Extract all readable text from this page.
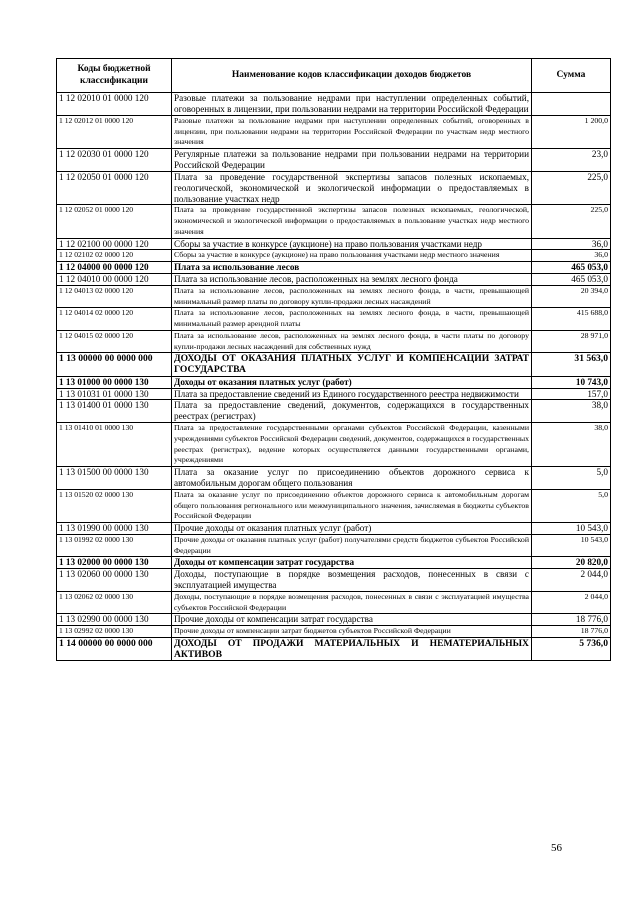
Коды бюджетной классификации	Наименование кодов классификации доходов бюджетов	Сумма
1 12 02010 01 0000 120	Разовые платежи за пользование недрами при наступлении определенных событий, оговоренных в лицензии, при пользовании недрами на территории Российской Федерации	
1 12 02012 01 0000 120	Разовые платежи за пользование недрами при наступлении определенных событий, оговоренных в лицензии, при пользовании недрами на территории Российской Федерации по участкам недр местного значения	1 200,0
1 12 02030 01 0000 120	Регулярные платежи за пользование недрами при пользовании недрами на территории Российской Федерации	23,0
1 12 02050 01 0000 120	Плата за проведение государственной экспертизы запасов полезных ископаемых, геологической, экономической и экологической информации о предоставляемых в пользование участках недр	225,0
1 12 02052 01 0000 120	Плата за проведение государственной экспертизы запасов полезных ископаемых, геологической, экономической и экологической информации о предоставляемых в пользование участках недр местного значения	225,0
1 12 02100 00 0000 120	Сборы за участие в конкурсе (аукционе) на право пользования участками недр	36,0
1 12 02102 02 0000 120	Сборы за участие в конкурсе (аукционе) на право пользования участками недр местного значения	36,0
1 12 04000 00 0000 120	Плата за использование лесов	465 053,0
1 12 04010 00 0000 120	Плата за использование лесов, расположенных на землях лесного фонда	465 053,0
1 12 04013 02 0000 120	Плата за использование лесов, расположенных на землях лесного фонда, в части, превышающей минимальный размер платы по договору купли-продажи лесных насаждений	20 394,0
1 12 04014 02 0000 120	Плата за использование лесов, расположенных на землях лесного фонда, в части, превышающей минимальный размер арендной платы	415 688,0
1 12 04015 02 0000 120	Плата за использование лесов, расположенных на землях лесного фонда, в части платы по договору купли-продажи лесных насаждений для собственных нужд	28 971,0
1 13 00000 00 0000 000	ДОХОДЫ ОТ ОКАЗАНИЯ ПЛАТНЫХ УСЛУГ И КОМПЕНСАЦИИ ЗАТРАТ ГОСУДАРСТВА	31 563,0
1 13 01000 00 0000 130	Доходы от оказания платных услуг (работ)	10 743,0
1 13 01031 01 0000 130	Плата за предоставление сведений из Единого государственного реестра недвижимости	157,0
1 13 01400 01 0000 130	Плата за предоставление сведений, документов, содержащихся в государственных реестрах (регистрах)	38,0
1 13 01410 01 0000 130	Плата за предоставление государственными органами субъектов Российской Федерации, казенными учреждениями субъектов Российской Федерации сведений, документов, содержащихся в государственных реестрах (регистрах), ведение которых осуществляется данными государственными органами, учреждениями	38,0
1 13 01500 00 0000 130	Плата за оказание услуг по присоединению объектов дорожного сервиса к автомобильным дорогам общего пользования	5,0
1 13 01520 02 0000 130	Плата за оказание услуг по присоединению объектов дорожного сервиса к автомобильным дорогам общего пользования регионального или межмуниципального значения, зачисляемая в бюджеты субъектов Российской Федерации	5,0
1 13 01990 00 0000 130	Прочие доходы от оказания платных услуг (работ)	10 543,0
1 13 01992 02 0000 130	Прочие доходы от оказания платных услуг (работ) получателями средств бюджетов субъектов Российской Федерации	10 543,0
1 13 02000 00 0000 130	Доходы от компенсации затрат государства	20 820,0
1 13 02060 00 0000 130	Доходы, поступающие в порядке возмещения расходов, понесенных в связи с эксплуатацией имущества	2 044,0
1 13 02062 02 0000 130	Доходы, поступающие в порядке возмещения расходов, понесенных в связи с эксплуатацией имущества субъектов Российской Федерации	2 044,0
1 13 02990 00 0000 130	Прочие доходы от компенсации затрат государства	18 776,0
1 13 02992 02 0000 130	Прочие доходы от компенсации затрат бюджетов субъектов Российской Федерации	18 776,0
1 14 00000 00 0000 000	ДОХОДЫ ОТ ПРОДАЖИ МАТЕРИАЛЬНЫХ И НЕМАТЕРИАЛЬНЫХ АКТИВОВ	5 736,0
56
